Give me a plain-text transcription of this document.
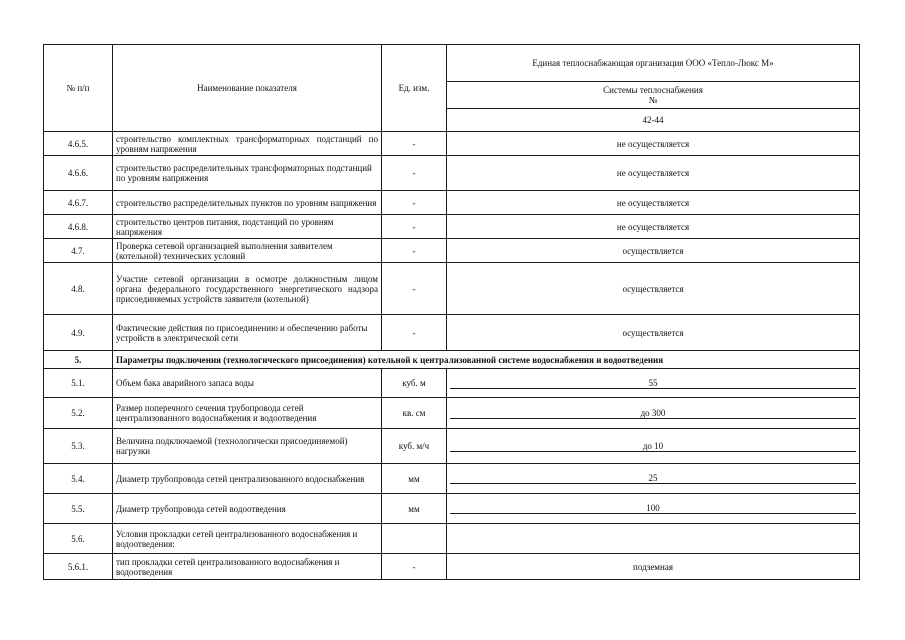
№ п/п	Наименование показателя	Ед. изм.	Единая теплоснабжающая организация ООО «Тепло-Люкс М»

			Системы теплоснабжения
№

			42-44
4.6.5.	строительство комплектных трансформаторных подстанций по уровням напряжения	-	не осуществляется
4.6.6.	строительство распределительных трансформаторных подстанций по уровням напряжения	-	не осуществляется
4.6.7.	строительство распределительных пунктов по уровням напряжения	-	не осуществляется
4.6.8.	строительство центров питания, подстанций по уровням напряжения	-	не осуществляется
4.7.	Проверка сетевой организацией выполнения заявителем (котельной) технических условий	-	осуществляется
4.8.	Участие сетевой организации в осмотре должностным лицом органа федерального государственного энергетического надзора присоединяемых устройств заявителя (котельной)	-	осуществляется
4.9.	Фактические действия по присоединению и обеспечению работы устройств в электрической сети	-	осуществляется
5.	Параметры подключения (технологического присоединения) котельной к централизованной системе водоснабжения и водоотведения		
5.1.	Объем бака аварийного запаса воды	куб. м	55

5.2.	Размер поперечного сечения трубопровода сетей централизованного водоснабжения и водоотведения	кв. см	до 300

5.3.	Величина подключаемой (технологически присоединяемой) нагрузки	куб. м/ч	до 10

5.4.	Диаметр трубопровода сетей централизованного водоснабжения	мм	25

5.5.	Диаметр трубопровода сетей водоотведения	мм	100

5.6.	Условия прокладки сетей централизованного водоснабжения и водоотведения:		
5.6.1.	тип прокладки сетей централизованного водоснабжения и водоотведения	-	подземная
